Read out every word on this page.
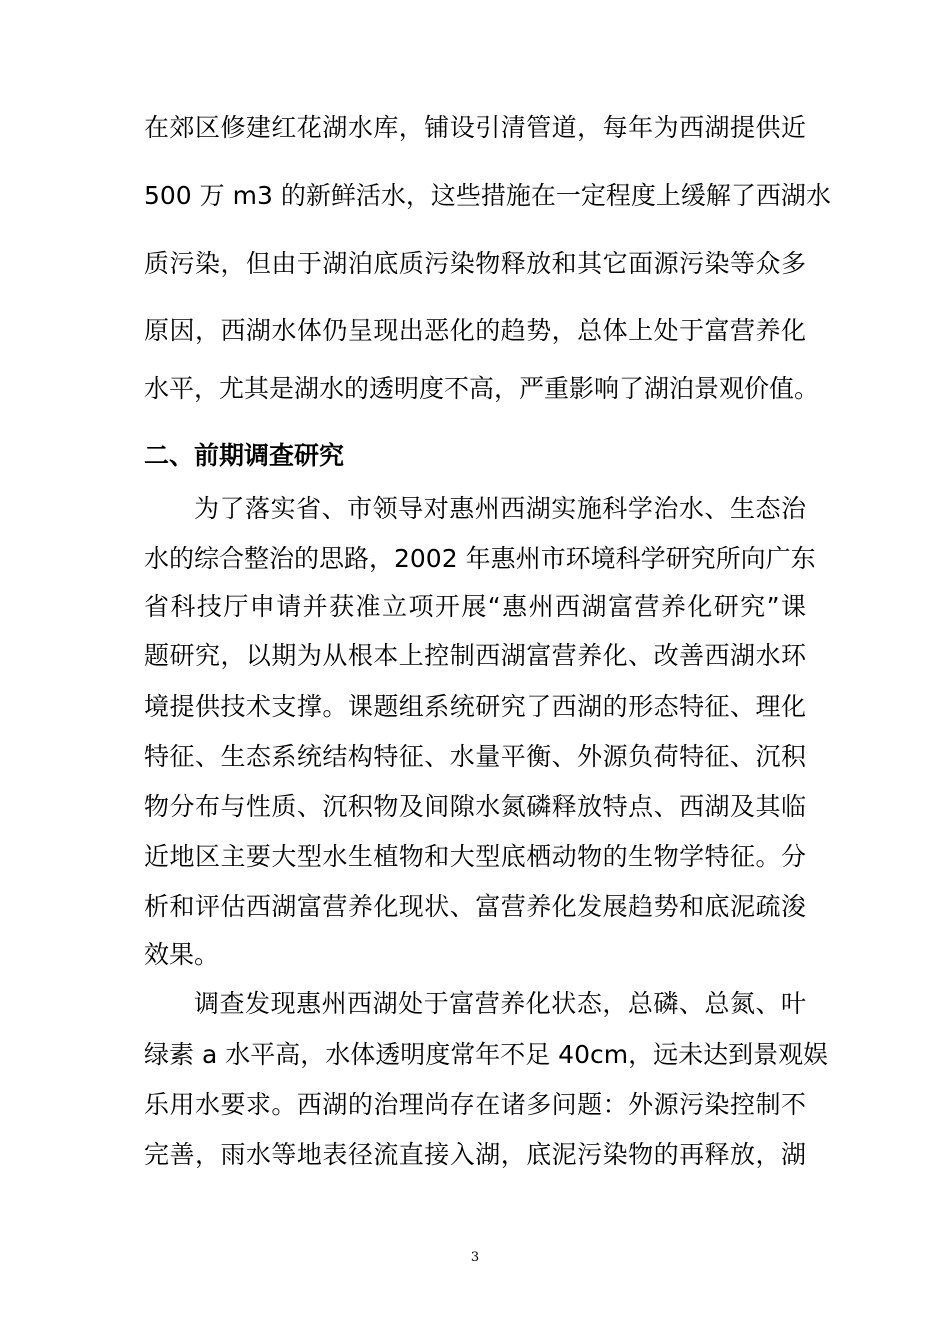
在郊区修建红花湖水库，铺设引清管道，每年为西湖提供近
500 万 m3 的新鲜活水，这些措施在一定程度上缓解了西湖水
质污染，但由于湖泊底质污染物释放和其它面源污染等众多
原因，西湖水体仍呈现出恶化的趋势，总体上处于富营养化
水平，尤其是湖水的透明度不高，严重影响了湖泊景观价值。
二、前期调查研究
为了落实省、市领导对惠州西湖实施科学治水、生态治
水的综合整治的思路，2002 年惠州市环境科学研究所向广东
省科技厅申请并获准立项开展“惠州西湖富营养化研究”课
题研究，以期为从根本上控制西湖富营养化、改善西湖水环
境提供技术支撑。课题组系统研究了西湖的形态特征、理化
特征、生态系统结构特征、水量平衡、外源负荷特征、沉积
物分布与性质、沉积物及间隙水氮磷释放特点、西湖及其临
近地区主要大型水生植物和大型底栖动物的生物学特征。分
析和评估西湖富营养化现状、富营养化发展趋势和底泥疏浚
效果。
调查发现惠州西湖处于富营养化状态，总磷、总氮、叶
绿素 a 水平高，水体透明度常年不足 40cm，远未达到景观娱
乐用水要求。西湖的治理尚存在诸多问题：外源污染控制不
完善，雨水等地表径流直接入湖，底泥污染物的再释放，湖
3
